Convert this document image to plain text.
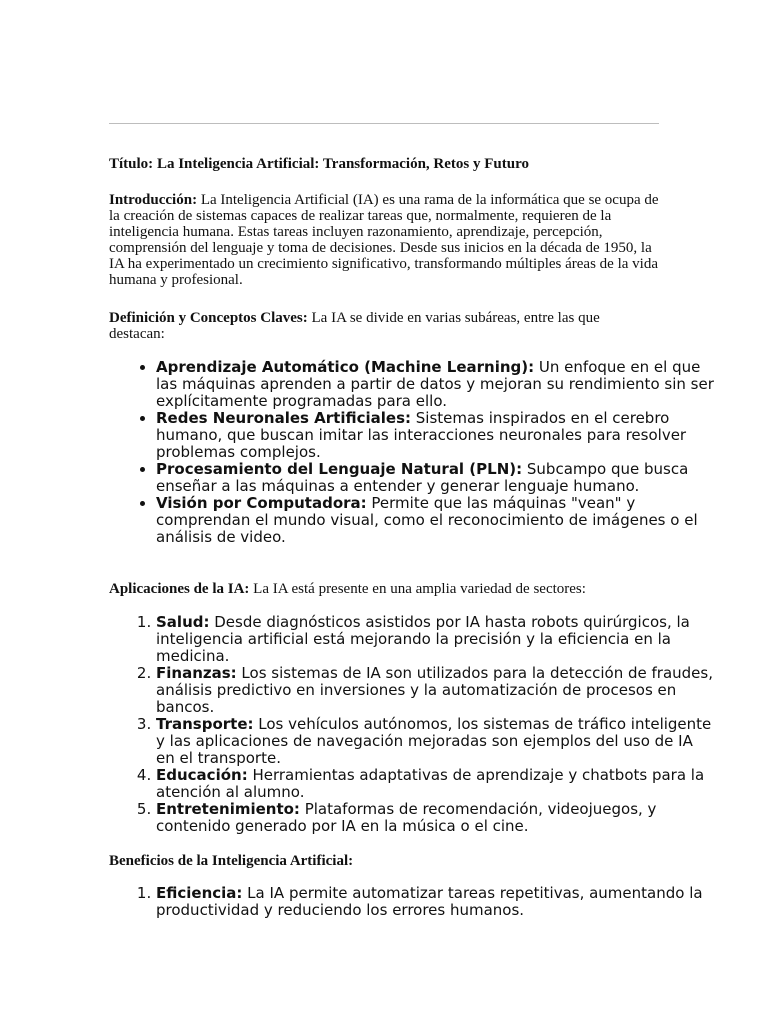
Título: La Inteligencia Artificial: Transformación, Retos y Futuro

Introducción: La Inteligencia Artificial (IA) es una rama de la informática que se ocupa de la creación de sistemas capaces de realizar tareas que, normalmente, requieren de la inteligencia humana. Estas tareas incluyen razonamiento, aprendizaje, percepción, comprensión del lenguaje y toma de decisiones. Desde sus inicios en la década de 1950, la IA ha experimentado un crecimiento significativo, transformando múltiples áreas de la vida humana y profesional.

Definición y Conceptos Claves: La IA se divide en varias subáreas, entre las que destacan:

• Aprendizaje Automático (Machine Learning): Un enfoque en el que las máquinas aprenden a partir de datos y mejoran su rendimiento sin ser explícitamente programadas para ello.
• Redes Neuronales Artificiales: Sistemas inspirados en el cerebro humano, que buscan imitar las interacciones neuronales para resolver problemas complejos.
• Procesamiento del Lenguaje Natural (PLN): Subcampo que busca enseñar a las máquinas a entender y generar lenguaje humano.
• Visión por Computadora: Permite que las máquinas "vean" y comprendan el mundo visual, como el reconocimiento de imágenes o el análisis de video.

Aplicaciones de la IA: La IA está presente en una amplia variedad de sectores:

1. Salud: Desde diagnósticos asistidos por IA hasta robots quirúrgicos, la inteligencia artificial está mejorando la precisión y la eficiencia en la medicina.
2. Finanzas: Los sistemas de IA son utilizados para la detección de fraudes, análisis predictivo en inversiones y la automatización de procesos en bancos.
3. Transporte: Los vehículos autónomos, los sistemas de tráfico inteligente y las aplicaciones de navegación mejoradas son ejemplos del uso de IA en el transporte.
4. Educación: Herramientas adaptativas de aprendizaje y chatbots para la atención al alumno.
5. Entretenimiento: Plataformas de recomendación, videojuegos, y contenido generado por IA en la música o el cine.

Beneficios de la Inteligencia Artificial:

1. Eficiencia: La IA permite automatizar tareas repetitivas, aumentando la productividad y reduciendo los errores humanos.
